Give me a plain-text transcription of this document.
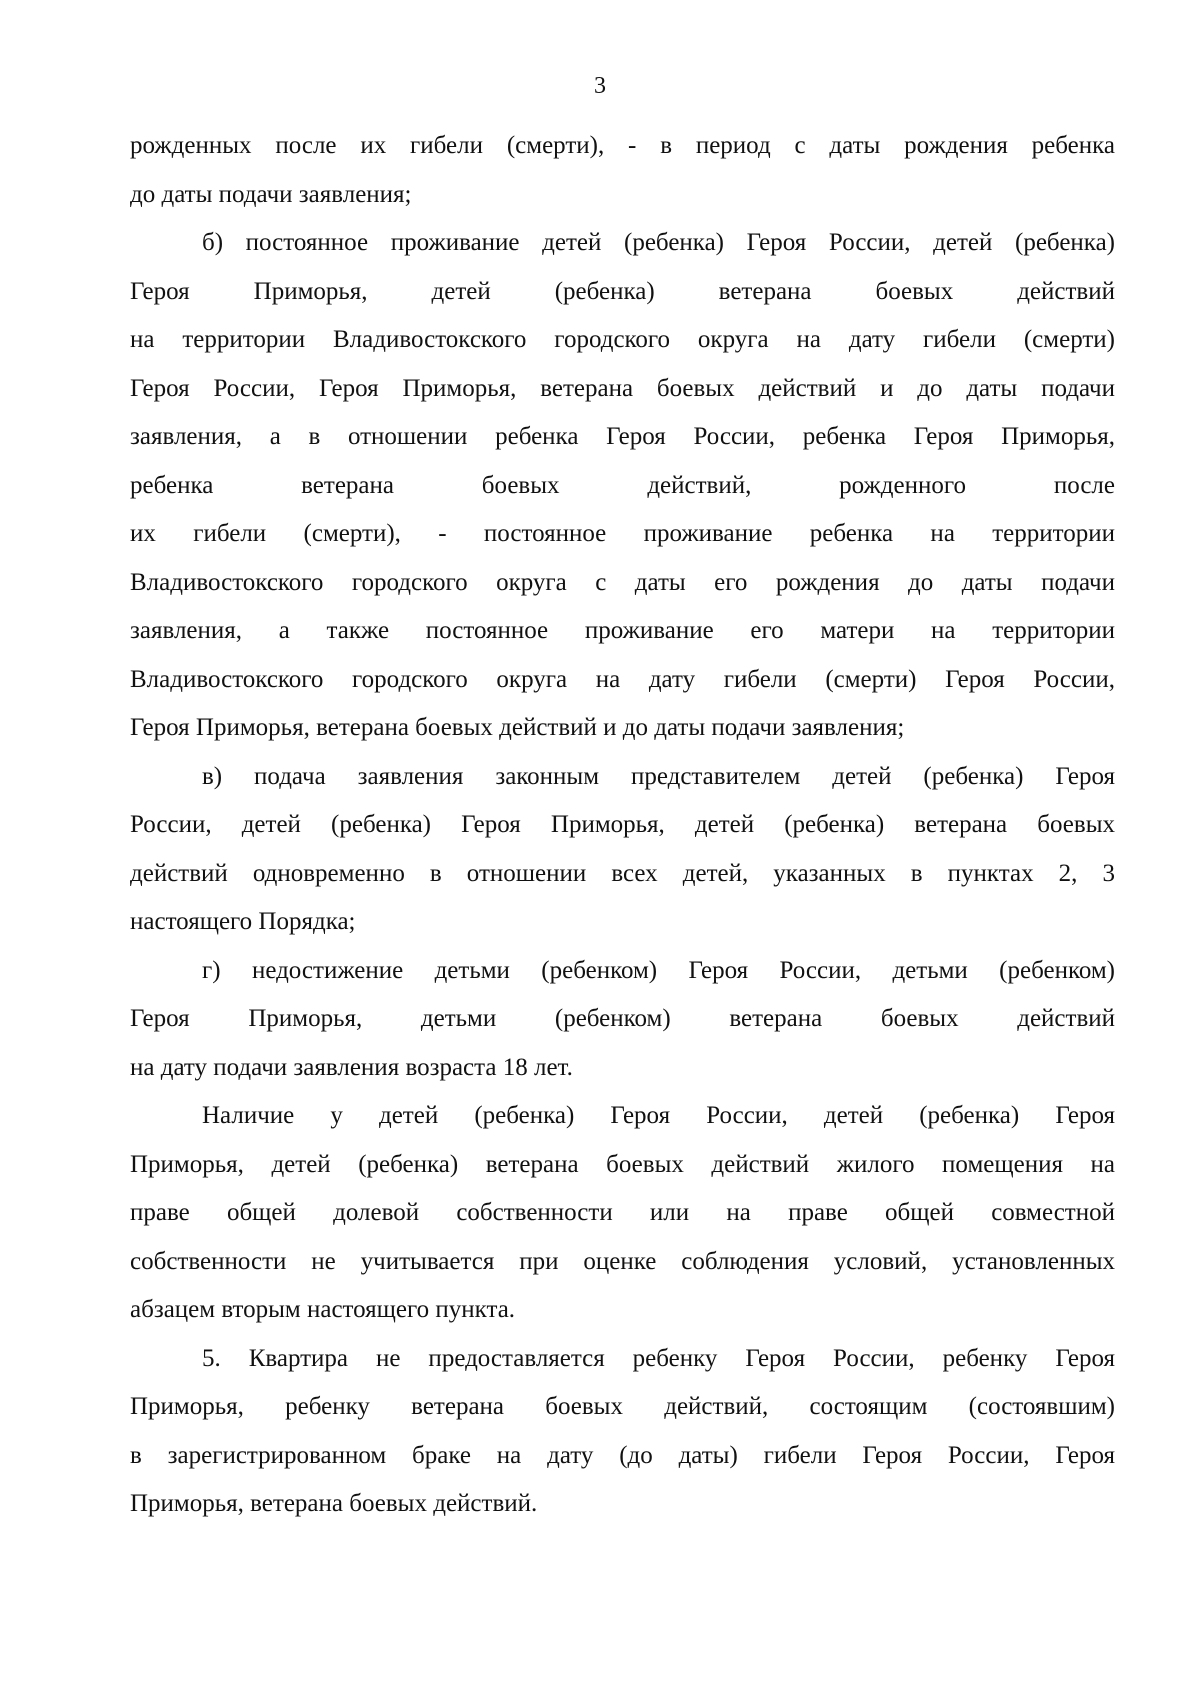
3

рожденных после их гибели (смерти), - в период с даты рождения ребенка
до даты подачи заявления;

б) постоянное проживание детей (ребенка) Героя России, детей (ребенка)
Героя Приморья, детей (ребенка) ветерана боевых действий
на территории Владивостокского городского округа на дату гибели (смерти)
Героя России, Героя Приморья, ветерана боевых действий и до даты подачи
заявления, а в отношении ребенка Героя России, ребенка Героя Приморья,
ребенка ветерана боевых действий, рожденного после
их гибели (смерти), - постоянное проживание ребенка на территории
Владивостокского городского округа с даты его рождения до даты подачи
заявления, а также постоянное проживание его матери на территории
Владивостокского городского округа на дату гибели (смерти) Героя России,
Героя Приморья, ветерана боевых действий и до даты подачи заявления;

в) подача заявления законным представителем детей (ребенка) Героя
России, детей (ребенка) Героя Приморья, детей (ребенка) ветерана боевых
действий одновременно в отношении всех детей, указанных в пунктах 2, 3
настоящего Порядка;

г) недостижение детьми (ребенком) Героя России, детьми (ребенком)
Героя Приморья, детьми (ребенком) ветерана боевых действий
на дату подачи заявления возраста 18 лет.

Наличие у детей (ребенка) Героя России, детей (ребенка) Героя
Приморья, детей (ребенка) ветерана боевых действий жилого помещения на
праве общей долевой собственности или на праве общей совместной
собственности не учитывается при оценке соблюдения условий, установленных
абзацем вторым настоящего пункта.

5. Квартира не предоставляется ребенку Героя России, ребенку Героя
Приморья, ребенку ветерана боевых действий, состоящим (состоявшим)
в зарегистрированном браке на дату (до даты) гибели Героя России, Героя
Приморья, ветерана боевых действий.
